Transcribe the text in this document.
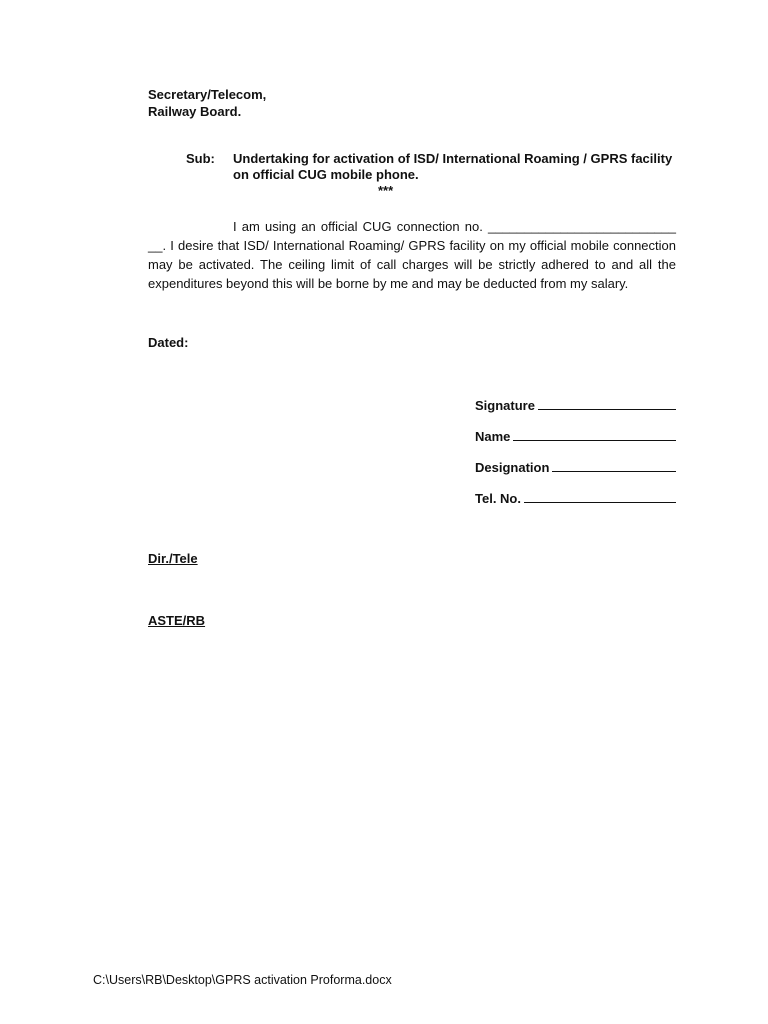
Secretary/Telecom,
Railway Board.
Sub: Undertaking for activation of ISD/ International Roaming / GPRS facility on official CUG mobile phone.
***
I am using an official CUG connection no. __________________________ __. I desire that ISD/ International Roaming/ GPRS facility on my official mobile connection may be activated. The ceiling limit of call charges will be strictly adhered to and all the expenditures beyond this will be borne by me and may be deducted from my salary.
Dated:
Signature
Name
Designation
Tel. No.
Dir./Tele
ASTE/RB
C:\Users\RB\Desktop\GPRS activation Proforma.docx
